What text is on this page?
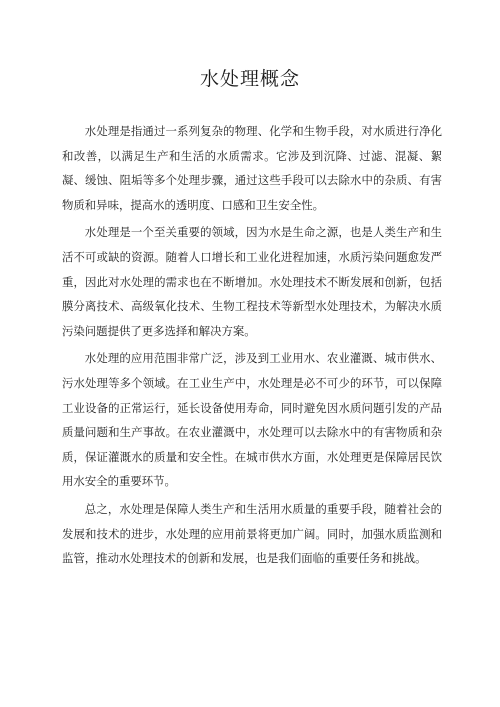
水处理概念

水处理是指通过一系列复杂的物理、化学和生物手段，对水质进行净化和改善，以满足生产和生活的水质需求。它涉及到沉降、过滤、混凝、絮凝、缓蚀、阻垢等多个处理步骤，通过这些手段可以去除水中的杂质、有害物质和异味，提高水的透明度、口感和卫生安全性。

水处理是一个至关重要的领域，因为水是生命之源，也是人类生产和生活不可或缺的资源。随着人口增长和工业化进程加速，水质污染问题愈发严重，因此对水处理的需求也在不断增加。水处理技术不断发展和创新，包括膜分离技术、高级氧化技术、生物工程技术等新型水处理技术，为解决水质污染问题提供了更多选择和解决方案。

水处理的应用范围非常广泛，涉及到工业用水、农业灌溉、城市供水、污水处理等多个领域。在工业生产中，水处理是必不可少的环节，可以保障工业设备的正常运行，延长设备使用寿命，同时避免因水质问题引发的产品质量问题和生产事故。在农业灌溉中，水处理可以去除水中的有害物质和杂质，保证灌溉水的质量和安全性。在城市供水方面，水处理更是保障居民饮用水安全的重要环节。

总之，水处理是保障人类生产和生活用水质量的重要手段，随着社会的发展和技术的进步，水处理的应用前景将更加广阔。同时，加强水质监测和监管，推动水处理技术的创新和发展，也是我们面临的重要任务和挑战。
